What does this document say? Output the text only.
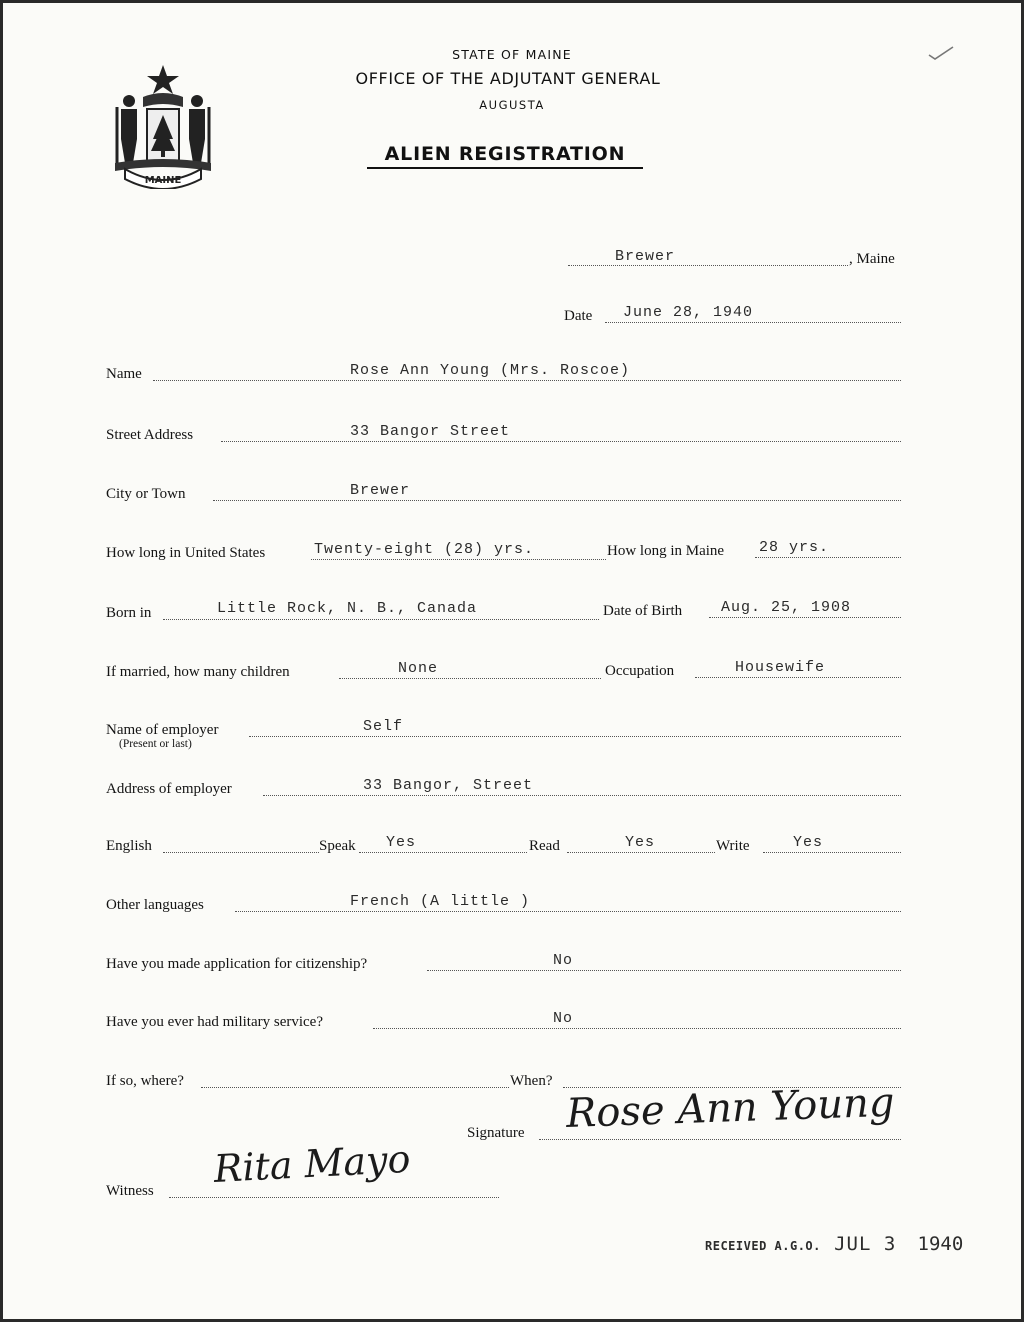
MAINE
STATE OF MAINE
OFFICE OF THE ADJUTANT GENERAL
AUGUSTA
ALIEN REGISTRATION
Brewer	, Maine
Date June 28, 1940
Name	Rose Ann Young (Mrs. Roscoe)
Street Address	33 Bangor Street
City or Town	Brewer
How long in United States	Twenty-eight (28) yrs.	How long in Maine 28 yrs.
Born in	Little Rock, N. B., Canada	Date of Birth	Aug. 25, 1908
If married, how many children	None	Occupation	Housewife
Name of employer
(Present or last)
Self
Address of employer	33 Bangor, Street
English	Speak Yes	Read	Yes	Write	Yes
Other languages	French (A little )
Have you made application for citizenship?	No
Have you ever had military service?	No
If so, where?	When?
Signature Rose Ann Young
Witness Rita Mayo
RECEIVED A.G.O. JUL 3 1940
